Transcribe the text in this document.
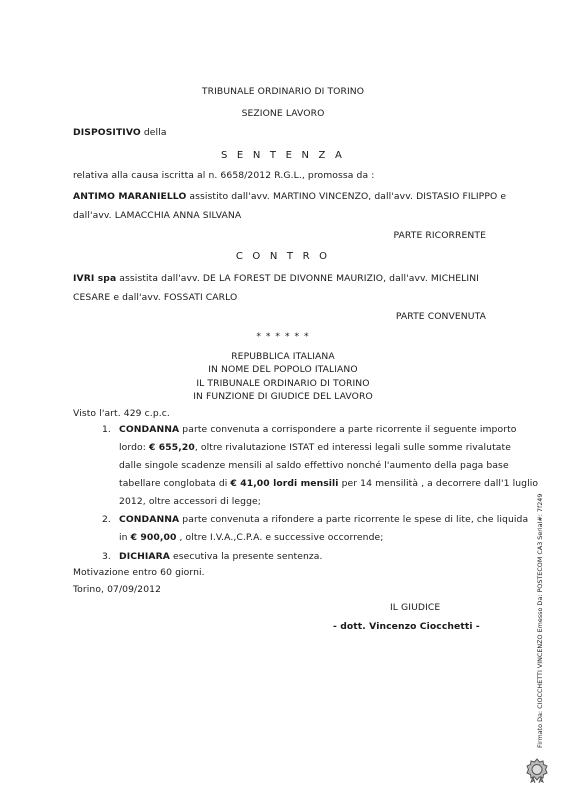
TRIBUNALE ORDINARIO DI TORINO
SEZIONE LAVORO
DISPOSITIVO della
S E N T E N Z A
relativa alla causa iscritta al n. 6658/2012 R.G.L., promossa da :
ANTIMO MARANIELLO assistito dall'avv. MARTINO VINCENZO, dall'avv. DISTASIO FILIPPO e
dall'avv. LAMACCHIA ANNA SILVANA
PARTE RICORRENTE
C O N T R O
IVRI spa assistita dall'avv. DE LA FOREST DE DIVONNE MAURIZIO, dall'avv. MICHELINI
CESARE e dall'avv. FOSSATI CARLO
PARTE CONVENUTA
* * * * * *
REPUBBLICA ITALIANA
IN NOME DEL POPOLO ITALIANO
IL TRIBUNALE ORDINARIO DI TORINO
IN FUNZIONE DI GIUDICE DEL LAVORO
Visto l'art. 429 c.p.c.
1. CONDANNA parte convenuta a corrispondere a parte ricorrente il seguente importo
lordo: € 655,20, oltre rivalutazione ISTAT ed interessi legali sulle somme rivalutate
dalle singole scadenze mensili al saldo effettivo nonché l'aumento della paga base
tabellare conglobata di € 41,00 lordi mensili per 14 mensilità , a decorrere dall'1 luglio
2012, oltre accessori di legge;
2. CONDANNA parte convenuta a rifondere a parte ricorrente le spese di lite, che liquida
in € 900,00 , oltre I.V.A.,C.P.A. e successive occorrende;
3. DICHIARA esecutiva la presente sentenza.
Motivazione entro 60 giorni.
Torino, 07/09/2012
IL GIUDICE
- dott. Vincenzo Ciocchetti -	Firmato Da: CIOCCHETTI VINCENZO Emesso Da: POSTECOM CA3 Serial#: 7f249
